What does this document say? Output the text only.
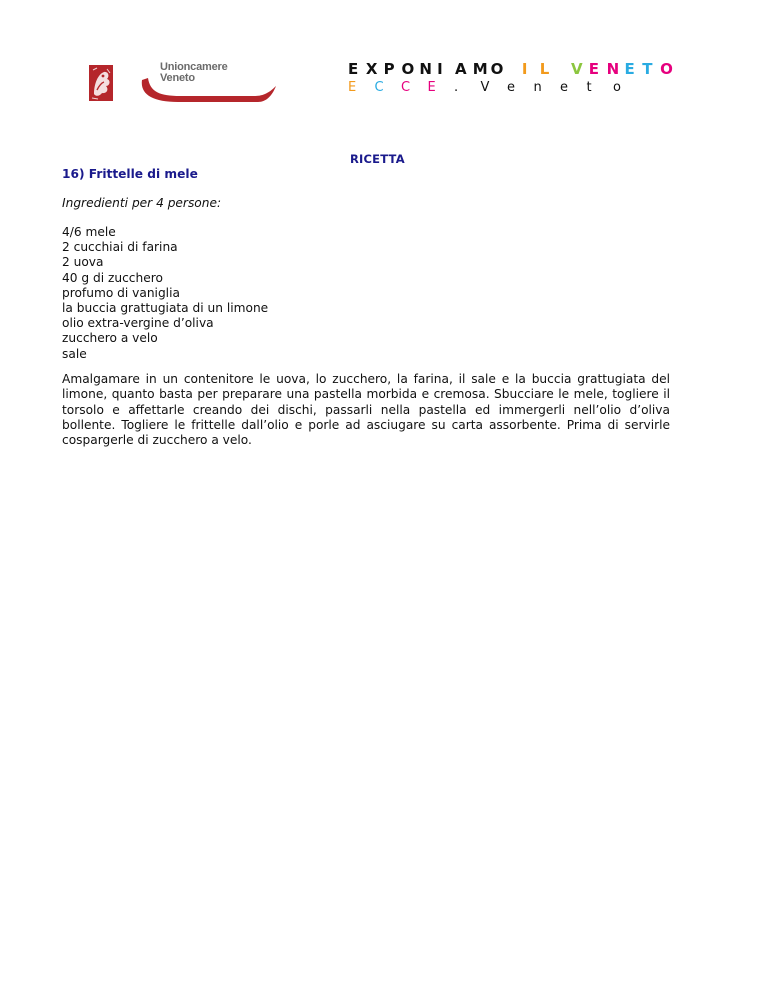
Unioncamere
Veneto	E X P O N I A M O	I L	V E N E T O
E	C	C	E	.	V	e	n	e	t	o
RICETTA
16) Frittelle di mele
Ingredienti per 4 persone:
4/6 mele
2 cucchiai di farina
2 uova
40 g di zucchero
profumo di vaniglia
la buccia grattugiata di un limone
olio extra-vergine d’oliva
zucchero a velo
sale

Amalgamare in un contenitore le uova, lo zucchero, la farina, il sale e la buccia grattugiata del limone, quanto basta per preparare una pastella morbida e cremosa. Sbucciare le mele, togliere il torsolo e affettarle creando dei dischi, passarli nella pastella ed immergerli nell’olio d’oliva bollente. Togliere le frittelle dall’olio e porle ad asciugare su carta assorbente. Prima di servirle cospargerle di zucchero a velo.
